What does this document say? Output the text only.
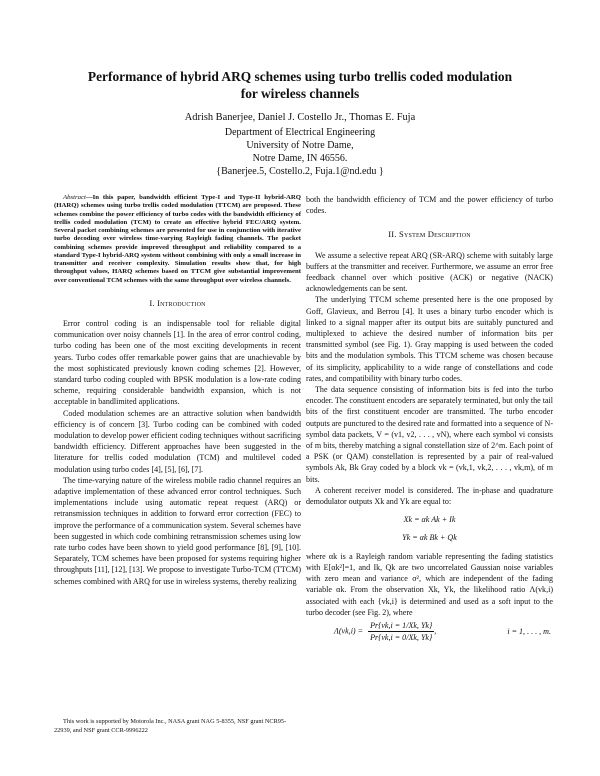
Performance of hybrid ARQ schemes using turbo trellis coded modulation
for wireless channels
Adrish Banerjee, Daniel J. Costello Jr., Thomas E. Fuja
Department of Electrical Engineering
University of Notre Dame,
Notre Dame, IN 46556.
{Banerjee.5, Costello.2, Fuja.1@nd.edu }

Abstract—In this paper, bandwidth efficient Type-I and Type-II hybrid-ARQ (HARQ) schemes using turbo trellis coded modulation (TTCM) are proposed. These schemes combine the power efficiency of turbo codes with the bandwidth efficiency of trellis coded modulation (TCM) to create an effective hybrid FEC/ARQ system. Several packet combining schemes are presented for use in conjunction with iterative turbo decoding over wireless time-varying Rayleigh fading channels. The packet combining schemes provide improved throughput and reliability compared to a standard Type-I hybrid-ARQ system without combining with only a small increase in transmitter and receiver complexity. Simulation results show that, for high throughput values, HARQ schemes based on TTCM give substantial improvement over conventional TCM schemes with the same throughput over wireless channels.

I. Introduction

Error control coding is an indispensable tool for reliable digital communication over noisy channels [1]. In the area of error control coding, turbo coding has been one of the most exciting developments in recent years. Turbo codes offer remarkable power gains that are unachievable by the most sophisticated previously known coding schemes [2]. However, standard turbo coding coupled with BPSK modulation is a low-rate coding scheme, requiring considerable bandwidth expansion, which is not acceptable in bandlimited applications.

Coded modulation schemes are an attractive solution when bandwidth efficiency is of concern [3]. Turbo coding can be combined with coded modulation to develop power efficient coding techniques without sacrificing bandwidth efficiency. Different approaches have been suggested in the literature for trellis coded modulation (TCM) and multilevel coded modulation using turbo codes [4], [5], [6], [7].

The time-varying nature of the wireless mobile radio channel requires an adaptive implementation of these advanced error control techniques. Such implementations include using automatic repeat request (ARQ) or retransmission techniques in addition to forward error correction (FEC) to improve the performance of a communication system. Several schemes have been suggested in which code combining retransmission schemes using low rate turbo codes have been shown to yield good performance [8], [9], [10]. Separately, TCM schemes have been proposed for systems requiring higher throughputs [11], [12], [13]. We propose to investigate Turbo-TCM (TTCM) schemes combined with ARQ for use in wireless systems, thereby realizing

This work is supported by Motorola Inc., NASA grant NAG 5-8355, NSF grant NCR95-22939, and NSF grant CCR-9996222

both the bandwidth efficiency of TCM and the power efficiency of turbo codes.

II. System Description

We assume a selective repeat ARQ (SR-ARQ) scheme with suitably large buffers at the transmitter and receiver. Furthermore, we assume an error free feedback channel over which positive (ACK) or negative (NACK) acknowledgements can be sent.

The underlying TTCM scheme presented here is the one proposed by Goff, Glavieux, and Berrou [4]. It uses a binary turbo encoder which is linked to a signal mapper after its output bits are suitably punctured and multiplexed to achieve the desired number of information bits per transmitted symbol (see Fig. 1). Gray mapping is used between the coded bits and the modulation symbols. This TTCM scheme was chosen because of its simplicity, applicability to a wide range of constellations and code rates, and compatibility with binary turbo codes.

The data sequence consisting of information bits is fed into the turbo encoder. The constituent encoders are separately terminated, but only the tail bits of the first constituent encoder are transmitted. The turbo encoder outputs are punctured to the desired rate and formatted into a sequence of N-symbol data packets, V = (v1, v2, . . . , vN), where each symbol vi consists of m bits, thereby matching a signal constellation size of 2^m. Each point of a PSK (or QAM) constellation is represented by a pair of real-valued symbols Ak, Bk Gray coded by a block vk = (vk,1, vk,2, . . . , vk,m), of m bits.

A coherent receiver model is considered. The in-phase and quadrature demodulator outputs Xk and Yk are equal to:

Xk = αk Ak + Ik
Yk = αk Bk + Qk

where αk is a Rayleigh random variable representing the fading statistics with E[αk²]=1, and Ik, Qk are two uncorrelated Gaussian noise variables with zero mean and variance σ², which are independent of the fading variable αk. From the observation Xk, Yk, the likelihood ratio Λ(vk,i) associated with each {vk,i} is determined and used as a soft input to the turbo decoder (see Fig. 2), where

$\Lambda(vk,i) = \frac{Pr\{vk,i = 1/Xk, Yk\}}{Pr\{vk,i = 0/Xk, Yk\}}$ ,	i = 1, . . . , m.
